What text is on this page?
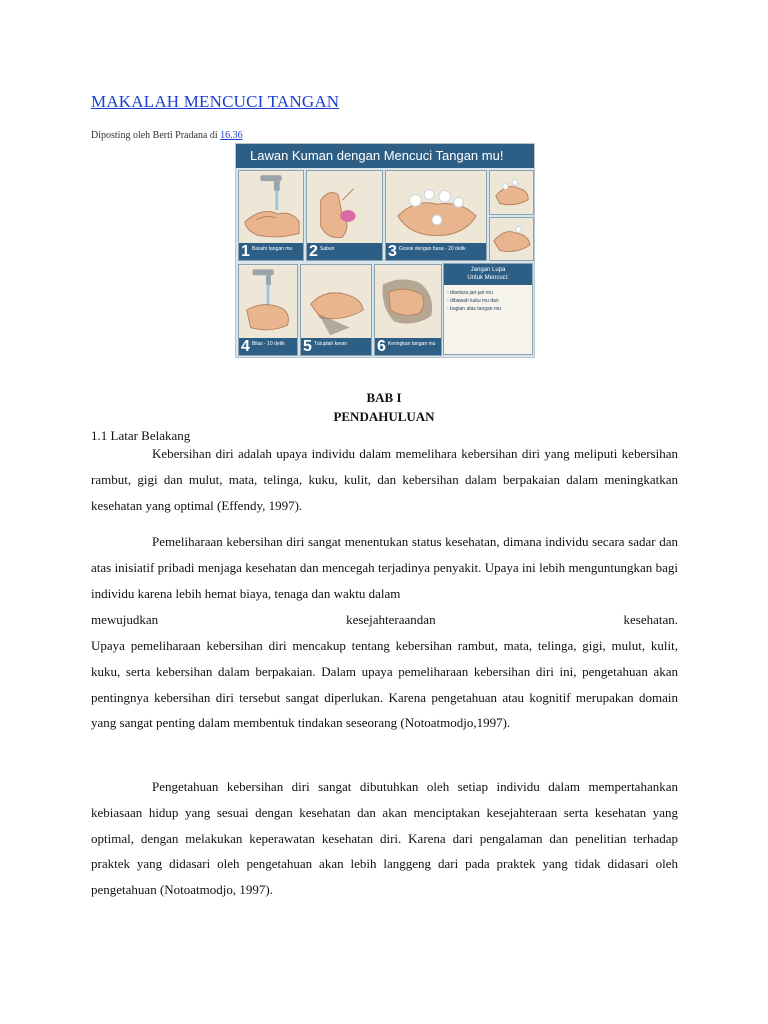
MAKALAH MENCUCI TANGAN
Diposting oleh Berti Pradana di 16.36
Lawan Kuman dengan Mencuci Tangan mu!
1 Basahi tangan mu	2 Sabun	3 Gosok dengan busa - 20 detik
4 Bilas - 10 detik	5 Tutuplah keran	6 Keringkan tangan mu
Jangan Lupa
Untuk Mencuci:
- diantara jari-jari mu
- dibawah kuku mu dan
- bagian atas tangan mu
BAB I
PENDAHULUAN
1.1 Latar Belakang

Kebersihan diri adalah upaya individu dalam memelihara kebersihan diri yang meliputi kebersihan rambut, gigi dan mulut, mata, telinga, kuku, kulit, dan kebersihan dalam berpakaian dalam meningkatkan kesehatan yang optimal (Effendy, 1997).

Pemeliharaan kebersihan diri sangat menentukan status kesehatan, dimana individu secara sadar dan atas inisiatif pribadi menjaga kesehatan dan mencegah terjadinya penyakit. Upaya ini lebih menguntungkan bagi individu karena lebih hemat biaya, tenaga dan waktu dalam

mewujudkan	kesejahteraandan	kesehatan.

Upaya pemeliharaan kebersihan diri mencakup tentang kebersihan rambut, mata, telinga, gigi, mulut, kulit, kuku, serta kebersihan dalam berpakaian. Dalam upaya pemeliharaan kebersihan diri ini, pengetahuan akan pentingnya kebersihan diri tersebut sangat diperlukan. Karena pengetahuan atau kognitif merupakan domain yang sangat penting dalam membentuk tindakan seseorang (Notoatmodjo,1997).

Pengetahuan kebersihan diri sangat dibutuhkan oleh setiap individu dalam mempertahankan kebiasaan hidup yang sesuai dengan kesehatan dan akan menciptakan kesejahteraan serta kesehatan yang optimal, dengan melakukan keperawatan kesehatan diri. Karena dari pengalaman dan penelitian terhadap praktek yang didasari oleh pengetahuan akan lebih langgeng dari pada praktek yang tidak didasari oleh pengetahuan (Notoatmodjo, 1997).
